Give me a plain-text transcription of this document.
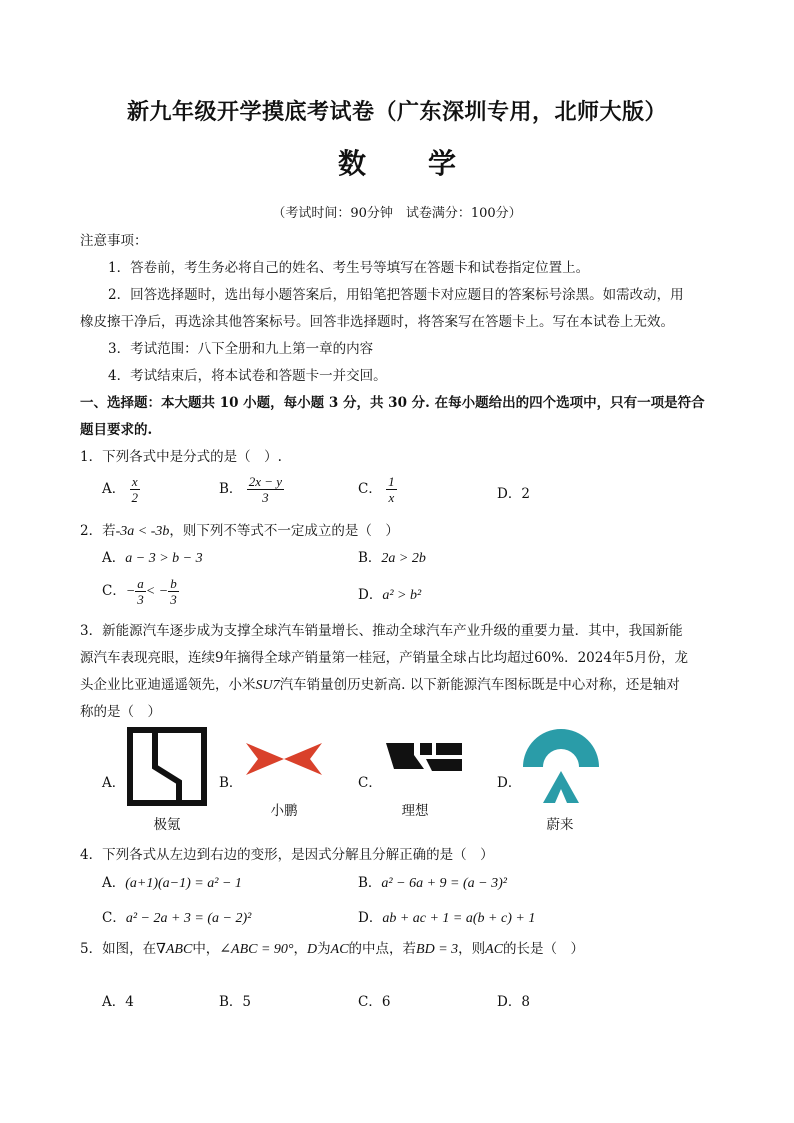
新九年级开学摸底考试卷（广东深圳专用，北师大版）
数学
（考试时间：90分钟　试卷满分：100分）
注意事项：
1．答卷前，考生务必将自己的姓名、考生号等填写在答题卡和试卷指定位置上。
2．回答选择题时，选出每小题答案后，用铅笔把答题卡对应题目的答案标号涂黑。如需改动，用
橡皮擦干净后，再选涂其他答案标号。回答非选择题时，将答案写在答题卡上。写在本试卷上无效。
3．考试范围：八下全册和九上第一章的内容
4．考试结束后，将本试卷和答题卡一并交回。
一、选择题：本大题共 10 小题，每小题 3 分，共 30 分. 在每小题给出的四个选项中，只有一项是符合
题目要求的.
1．下列各式中是分式的是（　）.
A． $\frac{x}{2}$	B． $\frac{2x - y}{3}$	C． $\frac{1}{x}$	D．2
2．若-3a < -3b，则下列不等式不一定成立的是（　）
A．a − 3 > b − 3	B．2a > 2b
C．− $\frac{a}{3}$ < − $\frac{b}{3}$	D．a² > b²
3．新能源汽车逐步成为支撑全球汽车销量增长、推动全球汽车产业升级的重要力量．其中，我国新能
源汽车表现亮眼，连续9年摘得全球产销量第一桂冠，产销量全球占比均超过60%．2024年5月份，龙
头企业比亚迪遥遥领先，小米SU7汽车销量创历史新高. 以下新能源汽车图标既是中心对称，还是轴对
称的是（　）
A．
极氪
B．
小鹏
C．
理想
D．
蔚来
4．下列各式从左边到右边的变形，是因式分解且分解正确的是（　）
A．(a+1)(a−1) = a² − 1	B．a² − 6a + 9 = (a − 3)²
C．a² − 2a + 3 = (a − 2)²	D．ab + ac + 1 = a(b + c) + 1
5．如图，在∇ABC中，∠ABC = 90°，D为AC的中点，若BD = 3，则AC的长是（　）
A．4	B．5	C．6	D．8
